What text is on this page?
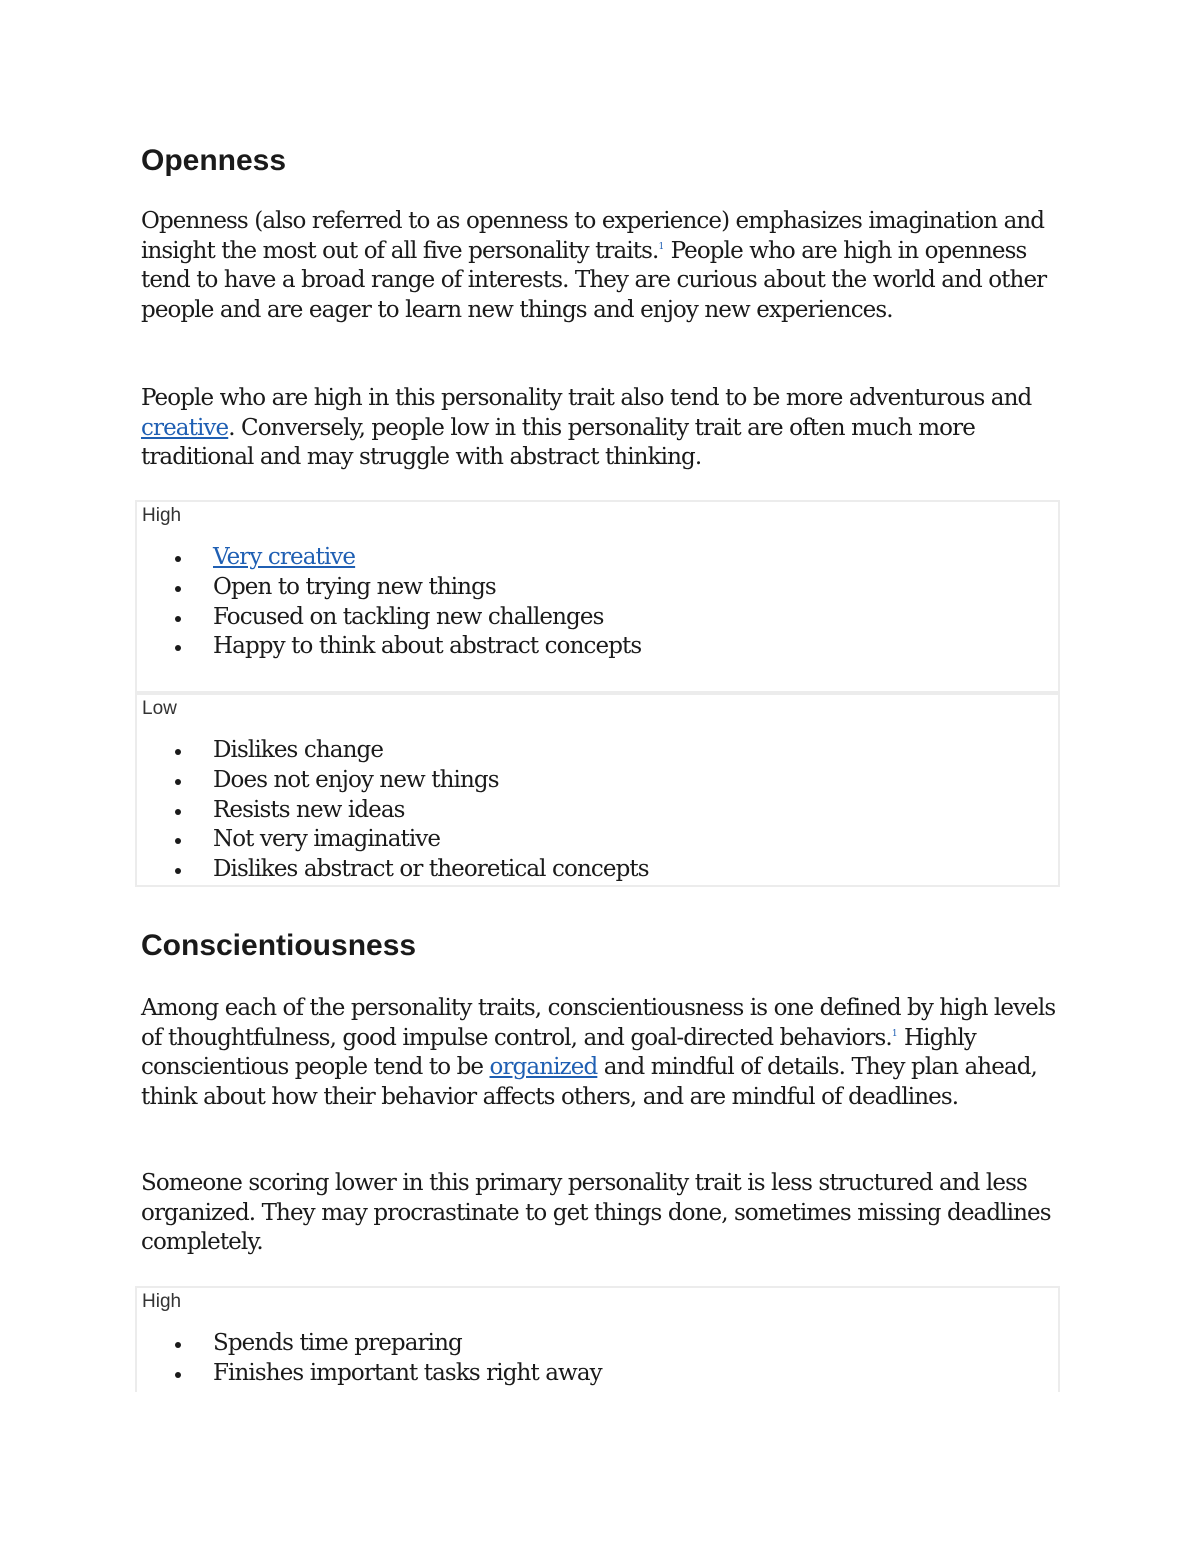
Openness

Openness (also referred to as openness to experience) emphasizes imagination and insight the most out of all five personality traits.$^1$ People who are high in openness tend to have a broad range of interests. They are curious about the world and other people and are eager to learn new things and enjoy new experiences.

People who are high in this personality trait also tend to be more adventurous and creative. Conversely, people low in this personality trait are often much more traditional and may struggle with abstract thinking.

High
Very creative
Open to trying new things
Focused on tackling new challenges
Happy to think about abstract concepts
Low
Dislikes change
Does not enjoy new things
Resists new ideas
Not very imaginative
Dislikes abstract or theoretical concepts
Conscientiousness

Among each of the personality traits, conscientiousness is one defined by high levels of thoughtfulness, good impulse control, and goal-directed behaviors.$^1$ Highly conscientious people tend to be organized and mindful of details. They plan ahead, think about how their behavior affects others, and are mindful of deadlines.

Someone scoring lower in this primary personality trait is less structured and less organized. They may procrastinate to get things done, sometimes missing deadlines completely.

High
Spends time preparing
Finishes important tasks right away
